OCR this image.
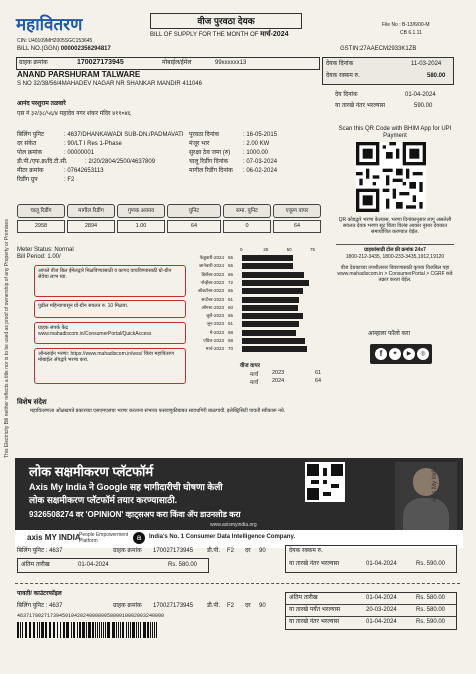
This Electricity Bill neither reflects a title nor is to be used as proof of ownership of any Property or Premises
महावितरण
CIN: U40109MH2005SGC153645
BILL NO.(GGN) 000002356294817
वीज पुरवठा देयक
BILL OF SUPPLY FOR THE MONTH OF मार्च-2024
File No : B-13/6/00-M
CB 6.1.11
GSTIN:27AAECM2933K1ZB
ग्राहक क्रमांक	170027173945	मोबाईल/ईमेल	99xxxxxx13
ANAND PARSHURAM TALWARE
S NO 32/38/56/4MAHADEV NAGAR NR SHANKAR MANDIR 411046
आनंद परशुराम तळवारे
एस नं ३२/३८/५६/४ महादेव नगर शंकर मंदिर ४११०४६
देयक दिनांक	11-03-2024
देयक रक्कम रु.	580.00
देय दिनांक	01-04-2024
या तारखे नंतर भरल्यास	590.00
बिलिंग युनिट	: 4637/DHANKAWADI SUB-DN./PADMAVATI
दर संकेत	: 90/LT I Res 1-Phase
पोल क्रमांक	: 00000001
डी.पी./एफ.क्र/दि.टी.सी.	: 2/20/2804/2500/4637809
मीटर क्रमांक	: 07642653113
रिडींग ग्रुप	: F2
पुरवठा दिनांक	: 16-05-2015
मंजूर भार	: 2.00 KW
सुरक्षा ठेव जमा (रु) : 1000.00
चालू रिडींग दिनांक : 07-03-2024
मागील रिडींग दिनांक : 06-02-2024
चालू रिडींग	मागील रिडींग	गुणक अवयव	युनिट	समा. युनिट	एकूण वापर
2958	2894	1.00	64	0	64
Meter Status: Normal
Bill Period: 1.00/
Scan this QR Code with BHIM App for UPI Payment
QR कोडद्वारे भरणा केल्यास, भरणा दिनांकानुसार लागू असलेली सवलत देयक भरणा सूट किंवा विलंब आकार नुसार देयकात समायोजित करण्यात येईल.
ग्राहकांसाठी टोल फ्री क्रमांक 24x7
1800-212-3435, 1800-233-3435,1912,19120
वीज देयकाच्या तपशीलवार विवरणासाठी कृपया विजबिल पहा www.mahadiscom.in > ConsumerPortal > CGRF कडे तक्रार करता येईल.
आम्हाला फॉलो करा
f	✦	▶	◎
आपले वीज बिल ईमेलद्वारे मिळविण्यासाठी व कागद वाचविण्यासाठी ग्रो-ग्रीन सेवेचा लाभ घ्या.
पुढील महिन्यापासून ग्रो-ग्रीन सवलत रु. 10 मिळवा.
ग्राहक संपर्क केंद्र www.mahadiscom.in/ConsumerPortal/QuickAccess
ऑनलाईन भरणा: https://www.mahadiscom.in/wss/ किंवा महावितरण मोबाईल ॲपद्वारे भरणा करा.
0	25	50	75
फेब्रुवारी-2024 55
जानेवारी-2024 55
डिसेंबर-2023 66
नोव्हेंबर-2023 72
ऑक्टोबर-2023 65
सप्टेंबर-2023 61
ऑगस्ट-2023 60
जुलै-2023 65
जून-2023 61
मे-2023 58
एप्रिल-2023 68
मार्च-2023 70
वीज वापर
मार्च	2023	61
मार्च	2024	64
विशेष संदेश
महावितरणला ओळखपत्रे प्रकारच्या एसएमएसचा भरणा करताना संभाव्य फसवणूकीबाबत सावधगिरी बाळगावी. इलेक्ट्रिसिटी पावती स्वीकारू नये.
लोक सक्षमीकरण प्लॅटफॉर्म
Axis My India ने Google सह भागीदारीची घोषणा केली
लोक सक्षमीकरण प्लॅटफॉर्म तयार करण्यासाठी.
9326508274 वर 'OPINION' व्हाट्सअप करा किंवा ॲप डाउनलोड करा
axis MY INDIA
People Empowerment Platform	a	India's No. 1 Consumer Data Intelligence Company.
www.axismyindia.org
Axis My India
बिलिंग युनिट : 4637	ग्राहक क्रमांक 170027173945 डी.पी. F2 दर 90
अंतिम तारीख	01-04-2024	Rs. 580.00
देयक रक्कम रु.
या तारखे नंतर भरल्यास	01-04-2024	Rs. 590.00
पावती/ काउंटरफॉइल
बिलिंग युनिट : 4637	ग्राहक क्रमांक 170027173945 डी.पी. F2 दर 90
4637170027173945010420240000005800010002003240000
अंतिम तारीख	01-04-2024	Rs. 580.00
या तारखे पर्यंत भरल्यास	20-03-2024	Rs. 580.00
या तारखे नंतर भरल्यास	01-04-2024	Rs. 590.00
